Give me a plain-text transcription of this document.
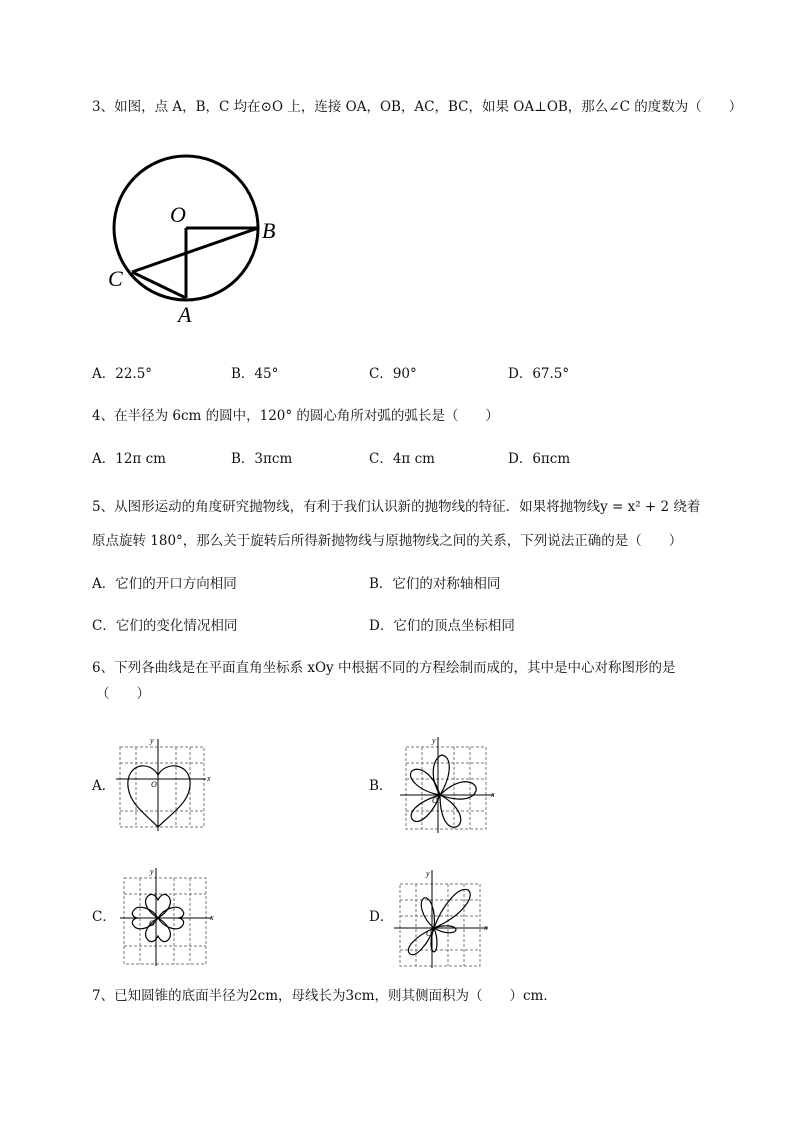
3、如图，点 A，B，C 均在⊙O 上，连接 OA，OB，AC，BC，如果 OA⊥OB，那么∠C 的度数为（　　）
O
B
C
A
A．22.5°	B．45°	C．90°	D．67.5°
4、在半径为 6cm 的圆中，120° 的圆心角所对弧的弧长是（　　）
A．12π cm	B．3πcm	C．4π cm	D．6πcm
5、从图形运动的角度研究抛物线，有利于我们认识新的抛物线的特征．如果将抛物线y = x² + 2 绕着
原点旋转 180°，那么关于旋转后所得新抛物线与原抛物线之间的关系，下列说法正确的是（　　）
A．它们的开口方向相同	B．它们的对称轴相同
C．它们的变化情况相同	D．它们的顶点坐标相同
6、下列各曲线是在平面直角坐标系 xOy 中根据不同的方程绘制而成的，其中是中心对称图形的是
（　　）
A．	B．
C．	D．
x
y
O
x
y
O
x
y
O	x
y
O
7、已知圆锥的底面半径为2cm，母线长为3cm，则其侧面积为（　　）cm．
